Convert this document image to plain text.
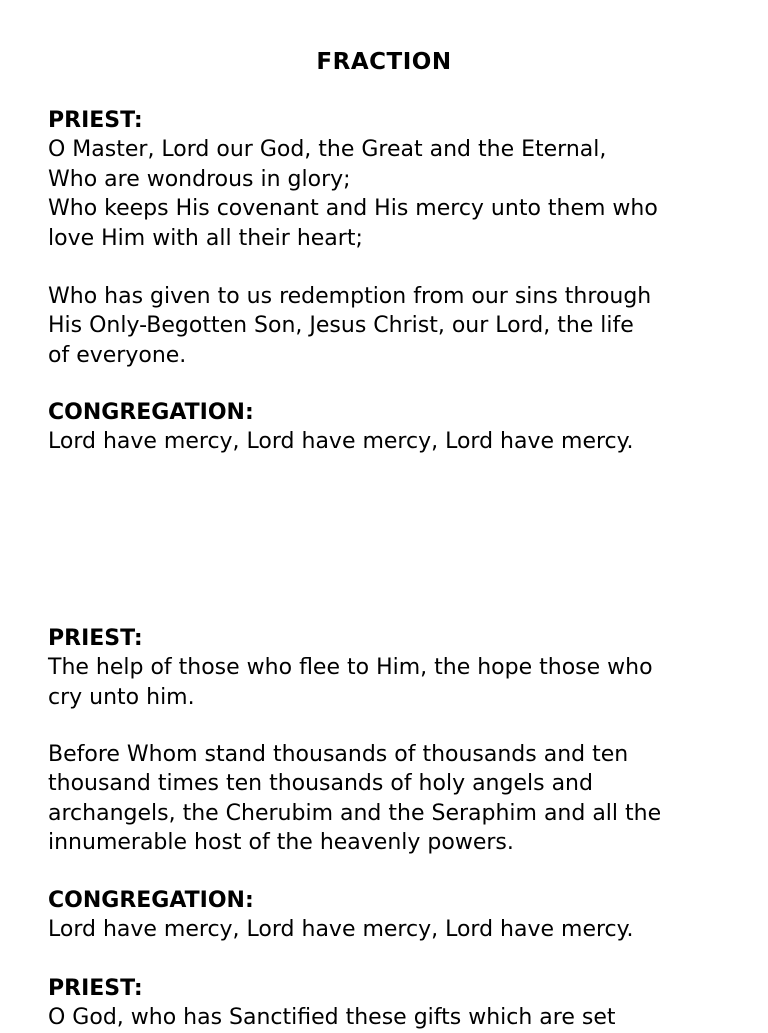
FRACTION
PRIEST:
O Master, Lord our God, the Great and the Eternal,
Who are wondrous in glory;
Who keeps His covenant and His mercy unto them who
love Him with all their heart;
Who has given to us redemption from our sins through
His Only-Begotten Son, Jesus Christ, our Lord, the life
of everyone.
CONGREGATION:
Lord have mercy, Lord have mercy, Lord have mercy.
PRIEST:
The help of those who flee to Him, the hope those who
cry unto him.
Before Whom stand thousands of thousands and ten
thousand times ten thousands of holy angels and
archangels, the Cherubim and the Seraphim and all the
innumerable host of the heavenly powers.
CONGREGATION:
Lord have mercy, Lord have mercy, Lord have mercy.
PRIEST:
O God, who has Sanctified these gifts which are set
